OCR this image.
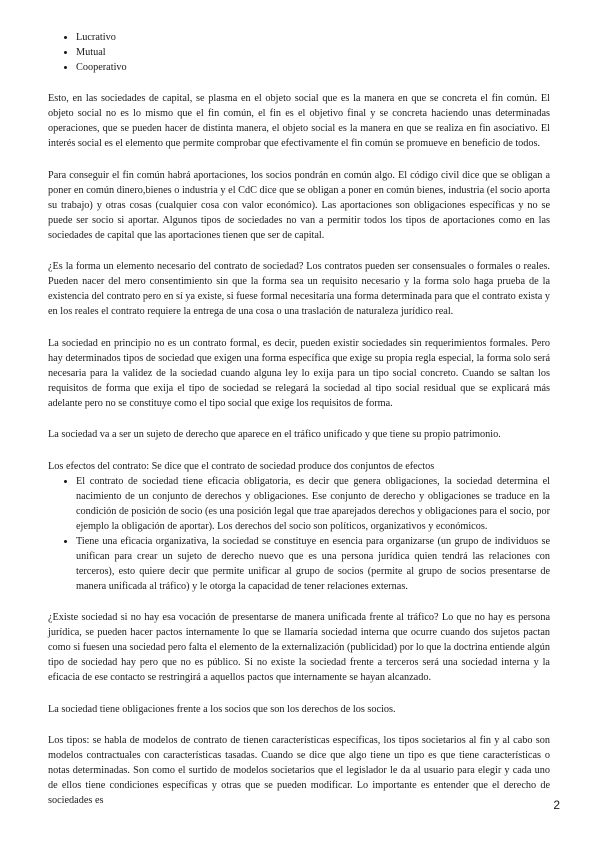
• Lucrativo
• Mutual
• Cooperativo

Esto, en las sociedades de capital, se plasma en el objeto social que es la manera en que se concreta el fin común. El objeto social no es lo mismo que el fin común, el fin es el objetivo final y se concreta haciendo unas determinadas operaciones, que se pueden hacer de distinta manera, el objeto social es la manera en que se realiza en fin asociativo. El interés social es el elemento que permite comprobar que efectivamente el fin común se promueve en beneficio de todos.

Para conseguir el fin común habrá aportaciones, los socios pondrán en común algo. El código civil dice que se obligan a poner en común dinero,bienes o industria y el CdC dice que se obligan a poner en común bienes, industria (el socio aporta su trabajo) y otras cosas (cualquier cosa con valor económico). Las aportaciones son obligaciones específicas y no se puede ser socio si aportar. Algunos tipos de sociedades no van a permitir todos los tipos de aportaciones como en las sociedades de capital que las aportaciones tienen que ser de capital.

¿Es la forma un elemento necesario del contrato de sociedad? Los contratos pueden ser consensuales o formales o reales. Pueden nacer del mero consentimiento sin que la forma sea un requisito necesario y la forma solo haga prueba de la existencia del contrato pero en sí ya existe, si fuese formal necesitaría una forma determinada para que el contrato exista y en los reales el contrato requiere la entrega de una cosa o una traslación de naturaleza jurídico real.

La sociedad en principio no es un contrato formal, es decir, pueden existir sociedades sin requerimientos formales. Pero hay determinados tipos de sociedad que exigen una forma específica que exige su propia regla especial, la forma solo será necesaria para la validez de la sociedad cuando alguna ley lo exija para un tipo social concreto. Cuando se saltan los requisitos de forma que exija el tipo de sociedad se relegará la sociedad al tipo social residual que se explicará más adelante pero no se constituye como el tipo social que exige los requisitos de forma.

La sociedad va a ser un sujeto de derecho que aparece en el tráfico unificado y que tiene su propio patrimonio.

Los efectos del contrato: Se dice que el contrato de sociedad produce dos conjuntos de efectos

• El contrato de sociedad tiene eficacia obligatoria, es decir que genera obligaciones, la sociedad determina el nacimiento de un conjunto de derechos y obligaciones. Ese conjunto de derecho y obligaciones se traduce en la condición de posición de socio (es una posición legal que trae aparejados derechos y obligaciones para el socio, por ejemplo la obligación de aportar). Los derechos del socio son políticos, organizativos y económicos.
• Tiene una eficacia organizativa, la sociedad se constituye en esencia para organizarse (un grupo de individuos se unifican para crear un sujeto de derecho nuevo que es una persona jurídica quien tendrá las relaciones con terceros), esto quiere decir que permite unificar al grupo de socios (permite al grupo de socios presentarse de manera unificada al tráfico) y le otorga la capacidad de tener relaciones externas.

¿Existe sociedad si no hay esa vocación de presentarse de manera unificada frente al tráfico? Lo que no hay es persona jurídica, se pueden hacer pactos internamente lo que se llamaría sociedad interna que ocurre cuando dos sujetos pactan como si fuesen una sociedad pero falta el elemento de la externalización (publicidad) por lo que la doctrina entiende algún tipo de sociedad hay pero que no es público. Si no existe la sociedad frente a terceros será una sociedad interna y la eficacia de ese contacto se restringirá a aquellos pactos que internamente se hayan alcanzado.

La sociedad tiene obligaciones frente a los socios que son los derechos de los socios.

Los tipos: se habla de modelos de contrato de tienen características específicas, los tipos societarios al fin y al cabo son modelos contractuales con características tasadas. Cuando se dice que algo tiene un tipo es que tiene características o notas determinadas. Son como el surtido de modelos societarios que el legislador le da al usuario para elegir y cada uno de ellos tiene condiciones específicas y otras que se pueden modificar. Lo importante es entender que el derecho de sociedades es	2
